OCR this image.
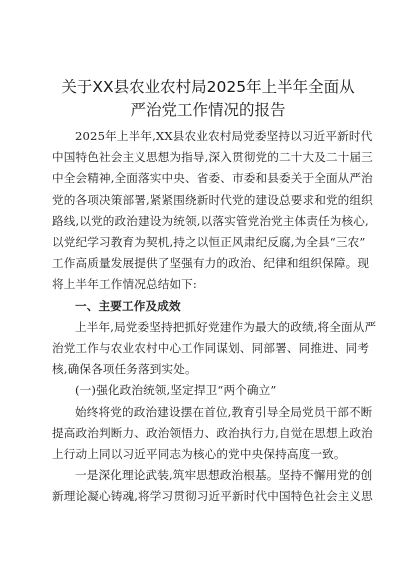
关于XX县农业农村局2025年上半年全面从
严治党工作情况的报告
2025年上半年,XX县农业农村局党委坚持以习近平新时代
中国特色社会主义思想为指导,深入贯彻党的二十大及二十届三
中全会精神,全面落实中央、省委、市委和县委关于全面从严治
党的各项决策部署,紧紧围绕新时代党的建设总要求和党的组织
路线,以党的政治建设为统领,以落实管党治党主体责任为核心,
以党纪学习教育为契机,持之以恒正风肃纪反腐,为全县“三农”
工作高质量发展提供了坚强有力的政治、纪律和组织保障。现
将上半年工作情况总结如下:
一、主要工作及成效
上半年,局党委坚持把抓好党建作为最大的政绩,将全面从严
治党工作与农业农村中心工作同谋划、同部署、同推进、同考
核,确保各项任务落到实处。
(一)强化政治统领,坚定捍卫“两个确立”
始终将党的政治建设摆在首位,教育引导全局党员干部不断
提高政治判断力、政治领悟力、政治执行力,自觉在思想上政治
上行动上同以习近平同志为核心的党中央保持高度一致。
一是深化理论武装,筑牢思想政治根基。坚持不懈用党的创
新理论凝心铸魂,将学习贯彻习近平新时代中国特色社会主义思
